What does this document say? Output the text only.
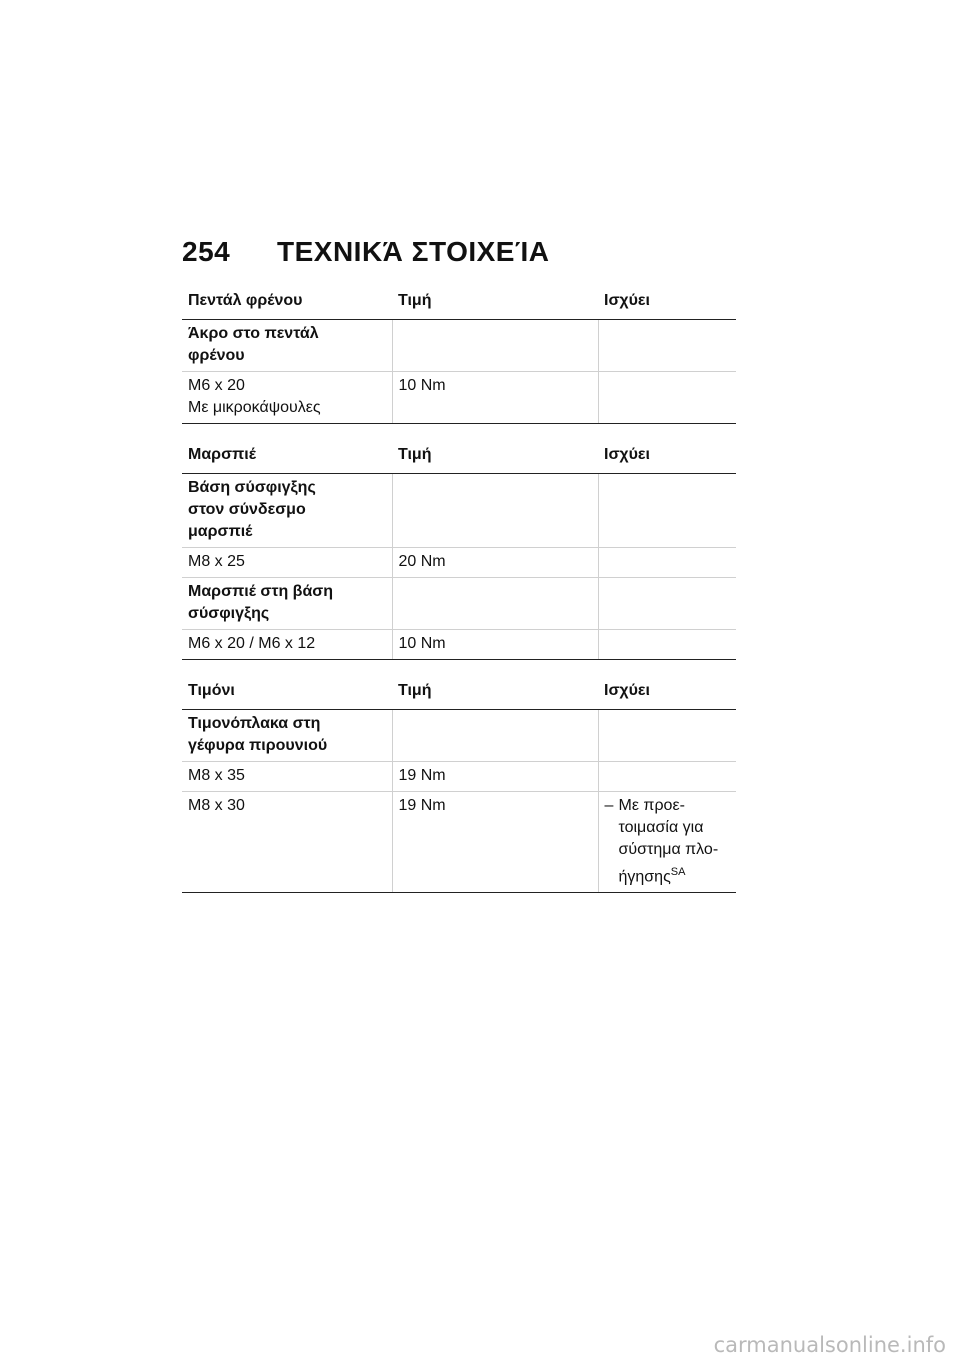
254 ΤΕΧΝΙΚΆ ΣΤΟΙΧΕΊΑ
Πεντάλ φρένου	Τιμή	Ισχύει
Άκρο στο πεντάλ
φρένου		
M6 x 20
Με μικροκάψουλες	10 Nm	
Μαρσπιέ	Τιμή	Ισχύει
Βάση σύσφιγξης
στον σύνδεσμο
μαρσπιέ		
M8 x 25	20 Nm	
Μαρσπιέ στη βάση
σύσφιγξης		
M6 x 20 / M6 x 12	10 Nm	
Τιμόνι	Τιμή	Ισχύει
Τιμονόπλακα στη
γέφυρα πιρουνιού		
M8 x 35	19 Nm	
M8 x 30	19 Nm	– Με προε-
τοιμασία για
σύστημα πλο-
ήγησης$^{SA}$
carmanualsonline.info
